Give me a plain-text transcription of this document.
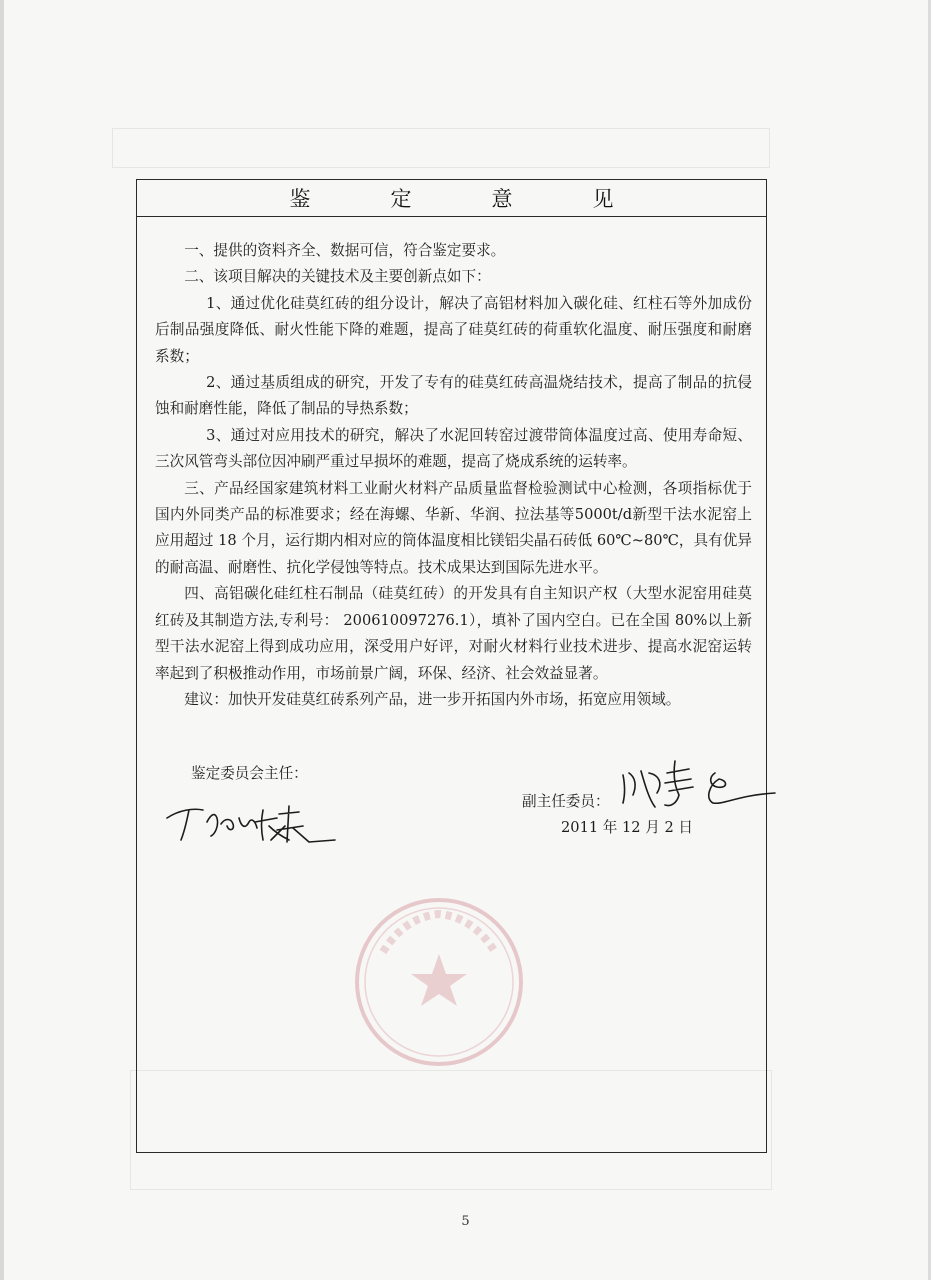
鉴定意见

一、提供的资料齐全、数据可信，符合鉴定要求。

二、该项目解决的关键技术及主要创新点如下：

1、通过优化硅莫红砖的组分设计，解决了高铝材料加入碳化硅、红柱石等外加成份后制品强度降低、耐火性能下降的难题，提高了硅莫红砖的荷重软化温度、耐压强度和耐磨系数；

2、通过基质组成的研究，开发了专有的硅莫红砖高温烧结技术，提高了制品的抗侵蚀和耐磨性能，降低了制品的导热系数；

3、通过对应用技术的研究，解决了水泥回转窑过渡带筒体温度过高、使用寿命短、三次风管弯头部位因冲刷严重过早损坏的难题，提高了烧成系统的运转率。

三、产品经国家建筑材料工业耐火材料产品质量监督检验测试中心检测，各项指标优于国内外同类产品的标准要求；经在海螺、华新、华润、拉法基等5000t/d新型干法水泥窑上应用超过 18 个月，运行期内相对应的筒体温度相比镁铝尖晶石砖低 60℃~80℃，具有优异的耐高温、耐磨性、抗化学侵蚀等特点。技术成果达到国际先进水平。

四、高铝碳化硅红柱石制品（硅莫红砖）的开发具有自主知识产权（大型水泥窑用硅莫红砖及其制造方法,专利号： 200610097276.1），填补了国内空白。已在全国 80%以上新型干法水泥窑上得到成功应用，深受用户好评，对耐火材料行业技术进步、提高水泥窑运转率起到了积极推动作用，市场前景广阔，环保、经济、社会效益显著。

建议：加快开发硅莫红砖系列产品，进一步开拓国内外市场，拓宽应用领域。

鉴定委员会主任：
副主任委员：
2011 年 12 月 2 日
5
